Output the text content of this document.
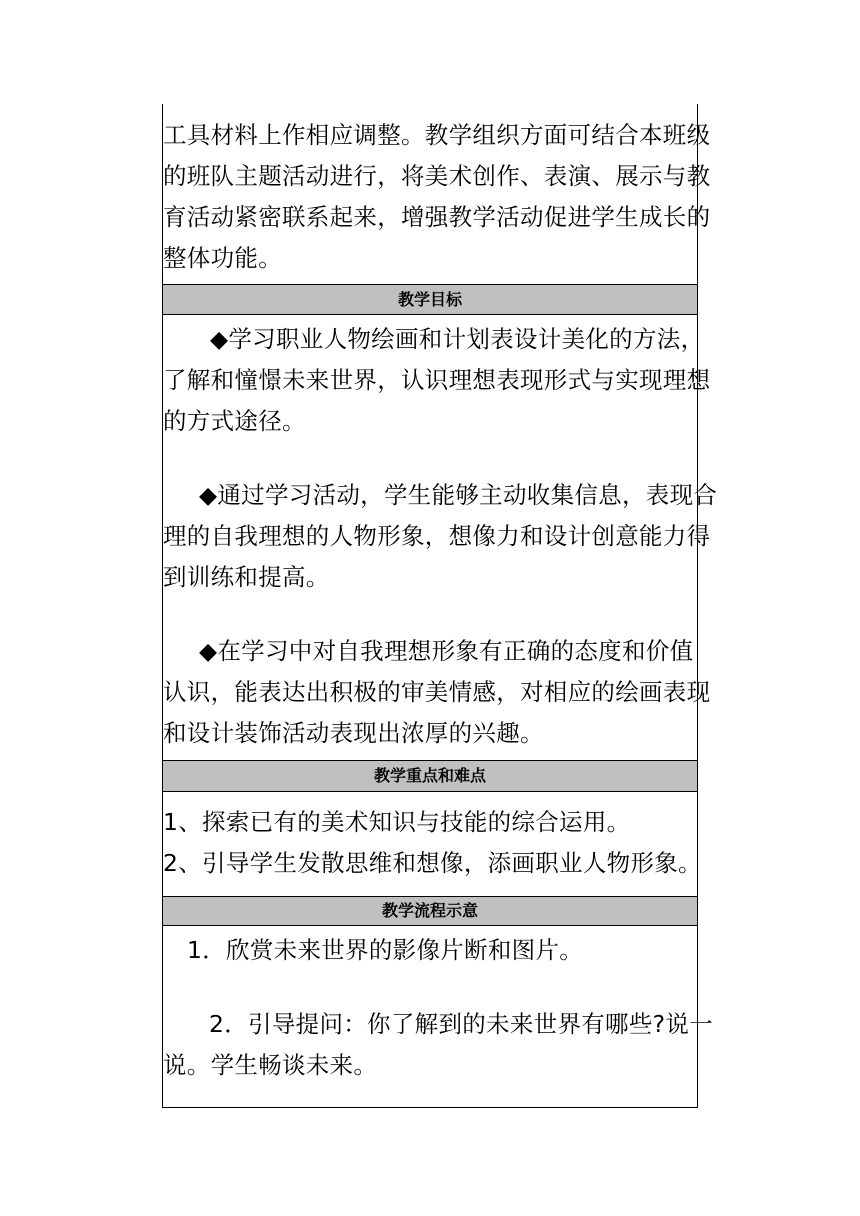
工具材料上作相应调整。教学组织方面可结合本班级
的班队主题活动进行，将美术创作、表演、展示与教
育活动紧密联系起来，增强教学活动促进学生成长的
整体功能。
教学目标
◆学习职业人物绘画和计划表设计美化的方法，
了解和憧憬未来世界，认识理想表现形式与实现理想
的方式途径。
◆通过学习活动，学生能够主动收集信息，表现合
理的自我理想的人物形象，想像力和设计创意能力得
到训练和提高。
◆在学习中对自我理想形象有正确的态度和价值
认识，能表达出积极的审美情感，对相应的绘画表现
和设计装饰活动表现出浓厚的兴趣。
教学重点和难点
1、探索已有的美术知识与技能的综合运用。
2、引导学生发散思维和想像，添画职业人物形象。
教学流程示意
1．欣赏未来世界的影像片断和图片。
2．引导提问：你了解到的未来世界有哪些?说一
说。学生畅谈未来。
